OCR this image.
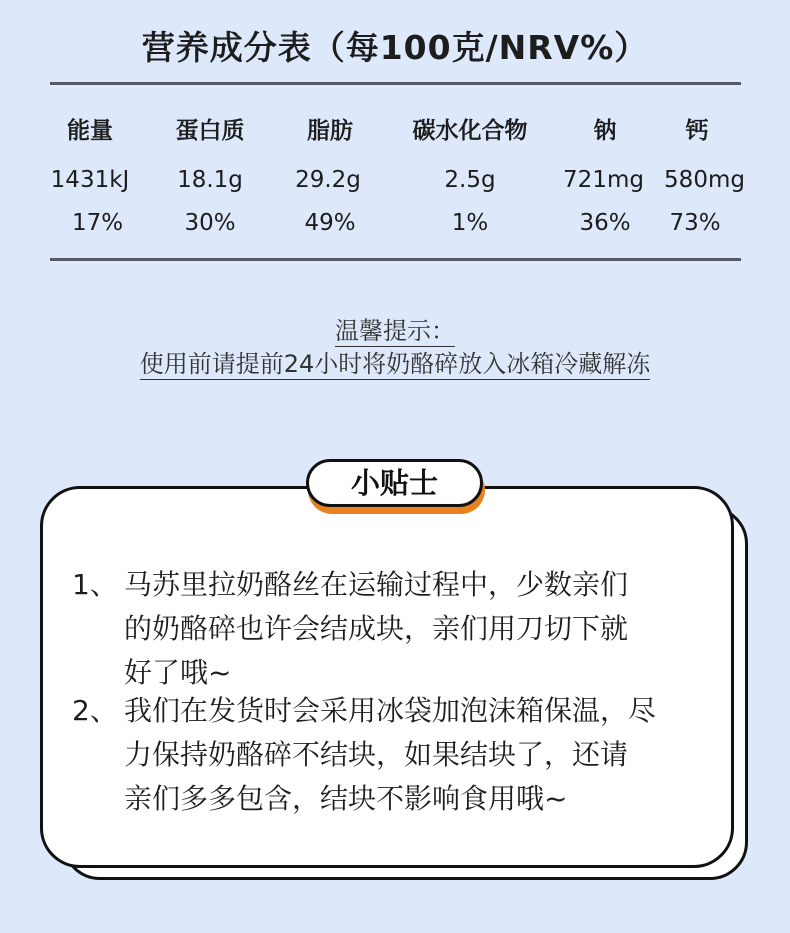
营养成分表（每100克/NRV%）
能量	蛋白质	脂肪	碳水化合物	钠	钙
1431kJ	18.1g	29.2g	2.5g	721mg 580mg
17%	30%	49%	1%	36%	73%
温馨提示：
使用前请提前24小时将奶酪碎放入冰箱冷藏解冻
小贴士
1、 马苏里拉奶酪丝在运输过程中，少数亲们
的奶酪碎也许会结成块，亲们用刀切下就
好了哦~
2、 我们在发货时会采用冰袋加泡沫箱保温，尽
力保持奶酪碎不结块，如果结块了，还请
亲们多多包含，结块不影响食用哦~
